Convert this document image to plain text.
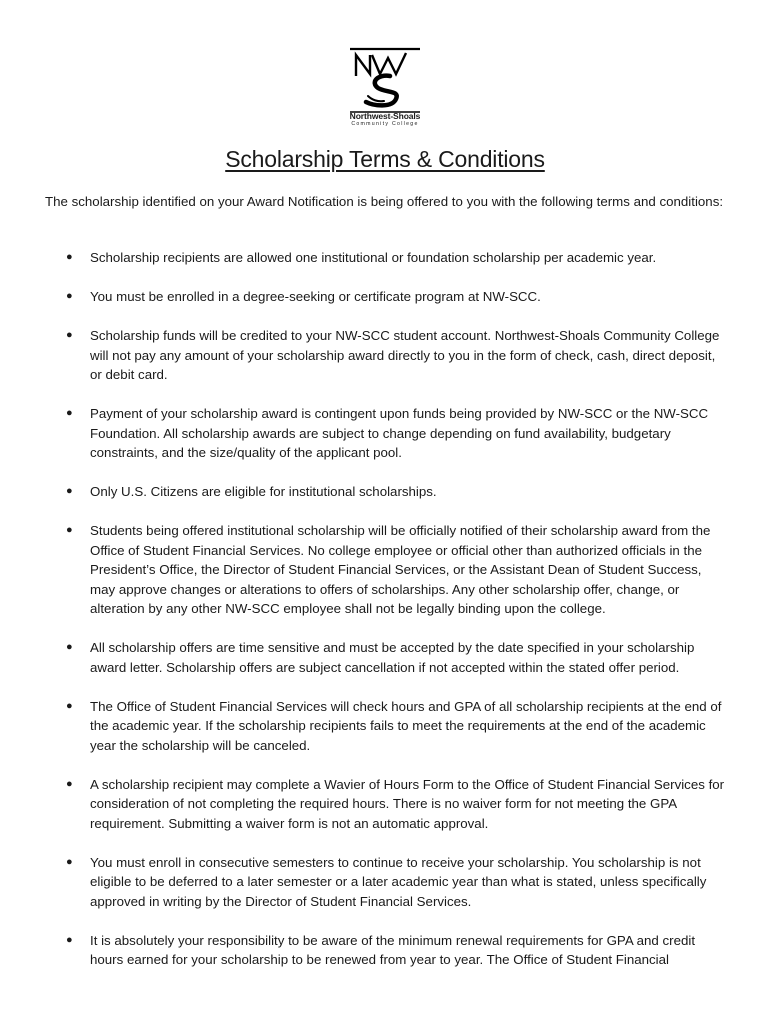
Northwest-Shoals
Community College
Scholarship Terms & Conditions
The scholarship identified on your Award Notification is being offered to you with the following terms and conditions:
● Scholarship recipients are allowed one institutional or foundation scholarship per academic year.
● You must be enrolled in a degree-seeking or certificate program at NW-SCC.
● Scholarship funds will be credited to your NW-SCC student account. Northwest-Shoals Community College will not pay any amount of your scholarship award directly to you in the form of check, cash, direct deposit, or debit card.
● Payment of your scholarship award is contingent upon funds being provided by NW-SCC or the NW-SCC Foundation. All scholarship awards are subject to change depending on fund availability, budgetary constraints, and the size/quality of the applicant pool.
● Only U.S. Citizens are eligible for institutional scholarships.
● Students being offered institutional scholarship will be officially notified of their scholarship award from the Office of Student Financial Services. No college employee or official other than authorized officials in the President’s Office, the Director of Student Financial Services, or the Assistant Dean of Student Success, may approve changes or alterations to offers of scholarships. Any other scholarship offer, change, or alteration by any other NW-SCC employee shall not be legally binding upon the college.
● All scholarship offers are time sensitive and must be accepted by the date specified in your scholarship award letter. Scholarship offers are subject cancellation if not accepted within the stated offer period.
● The Office of Student Financial Services will check hours and GPA of all scholarship recipients at the end of the academic year. If the scholarship recipients fails to meet the requirements at the end of the academic year the scholarship will be canceled.
● A scholarship recipient may complete a Wavier of Hours Form to the Office of Student Financial Services for consideration of not completing the required hours. There is no waiver form for not meeting the GPA requirement. Submitting a waiver form is not an automatic approval.
● You must enroll in consecutive semesters to continue to receive your scholarship. You scholarship is not eligible to be deferred to a later semester or a later academic year than what is stated, unless specifically approved in writing by the Director of Student Financial Services.
● It is absolutely your responsibility to be aware of the minimum renewal requirements for GPA and credit hours earned for your scholarship to be renewed from year to year. The Office of Student Financial
